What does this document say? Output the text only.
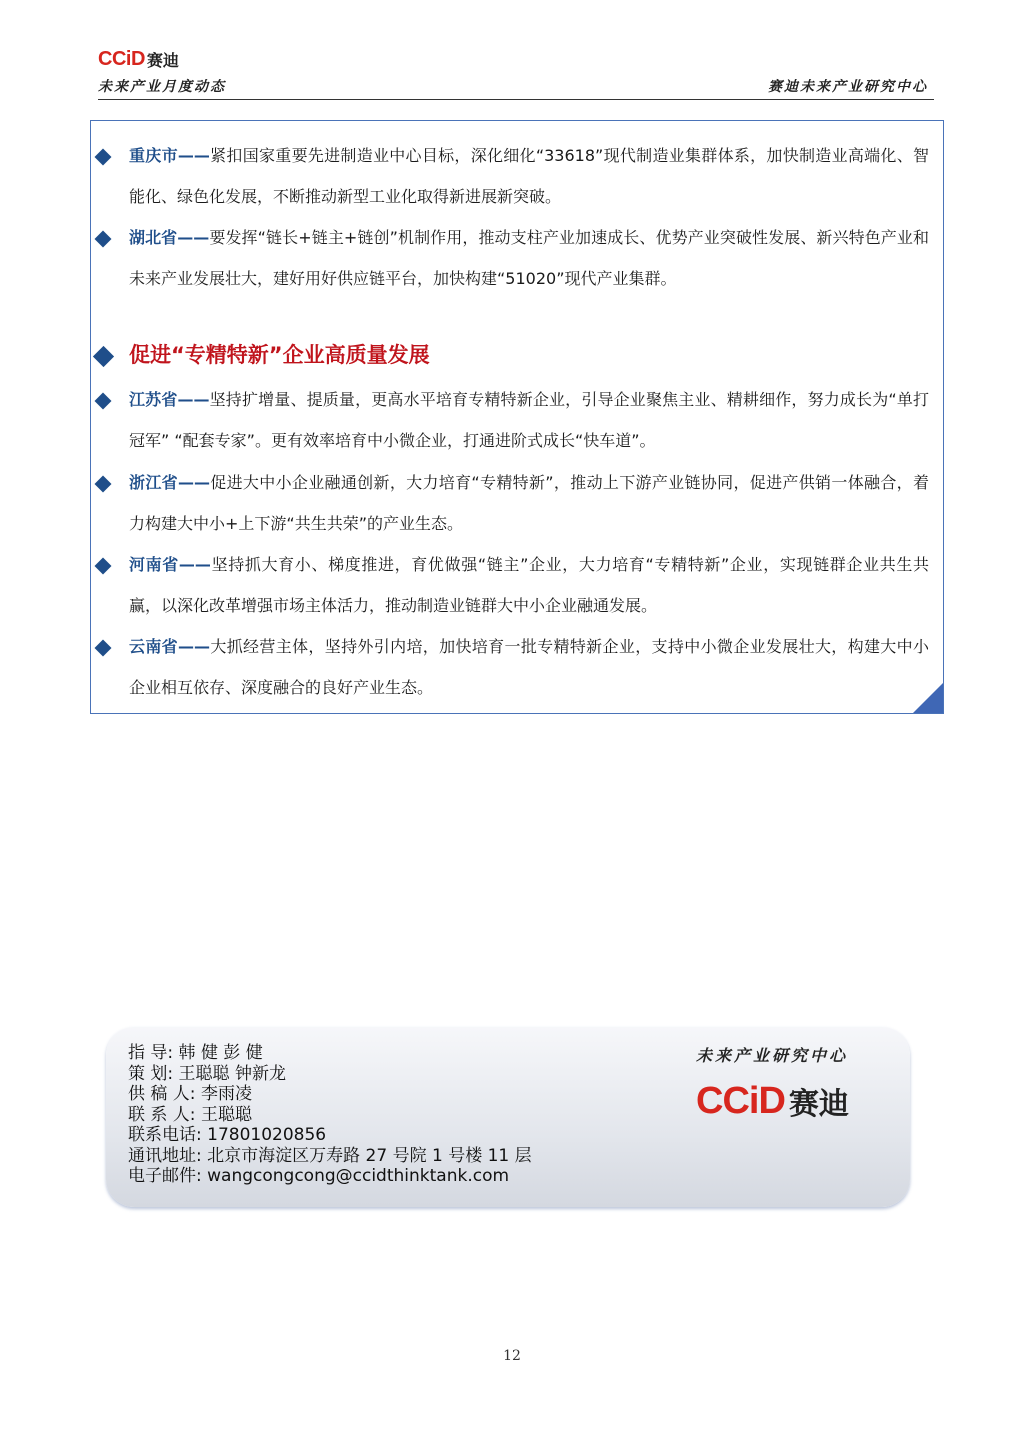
CCiD 赛迪
未来产业月度动态	赛迪未来产业研究中心

重庆市——紧扣国家重要先进制造业中心目标，深化细化“33618”现代制造业集群体系，加快制造业高端化、智能化、绿色化发展，不断推动新型工业化取得新进展新突破。

湖北省——要发挥“链长+链主+链创”机制作用，推动支柱产业加速成长、优势产业突破性发展、新兴特色产业和未来产业发展壮大，建好用好供应链平台，加快构建“51020”现代产业集群。

促进“专精特新”企业高质量发展

江苏省——坚持扩增量、提质量，更高水平培育专精特新企业，引导企业聚焦主业、精耕细作，努力成长为“单打冠军” “配套专家”。更有效率培育中小微企业，打通进阶式成长“快车道”。

浙江省——促进大中小企业融通创新，大力培育“专精特新”，推动上下游产业链协同，促进产供销一体融合，着力构建大中小+上下游“共生共荣”的产业生态。

河南省——坚持抓大育小、梯度推进，育优做强“链主”企业，大力培育“专精特新”企业，实现链群企业共生共赢，以深化改革增强市场主体活力，推动制造业链群大中小企业融通发展。

云南省——大抓经营主体，坚持外引内培，加快培育一批专精特新企业，支持中小微企业发展壮大，构建大中小企业相互依存、深度融合的良好产业生态。

指 导: 韩 健 彭 健
策 划: 王聪聪 钟新龙
供 稿 人: 李雨凌
联 系 人: 王聪聪
联系电话: 17801020856
通讯地址: 北京市海淀区万寿路 27 号院 1 号楼 11 层
电子邮件: wangcongcong@ccidthinktank.com
未来产业研究中心
CCiD 赛迪
12
